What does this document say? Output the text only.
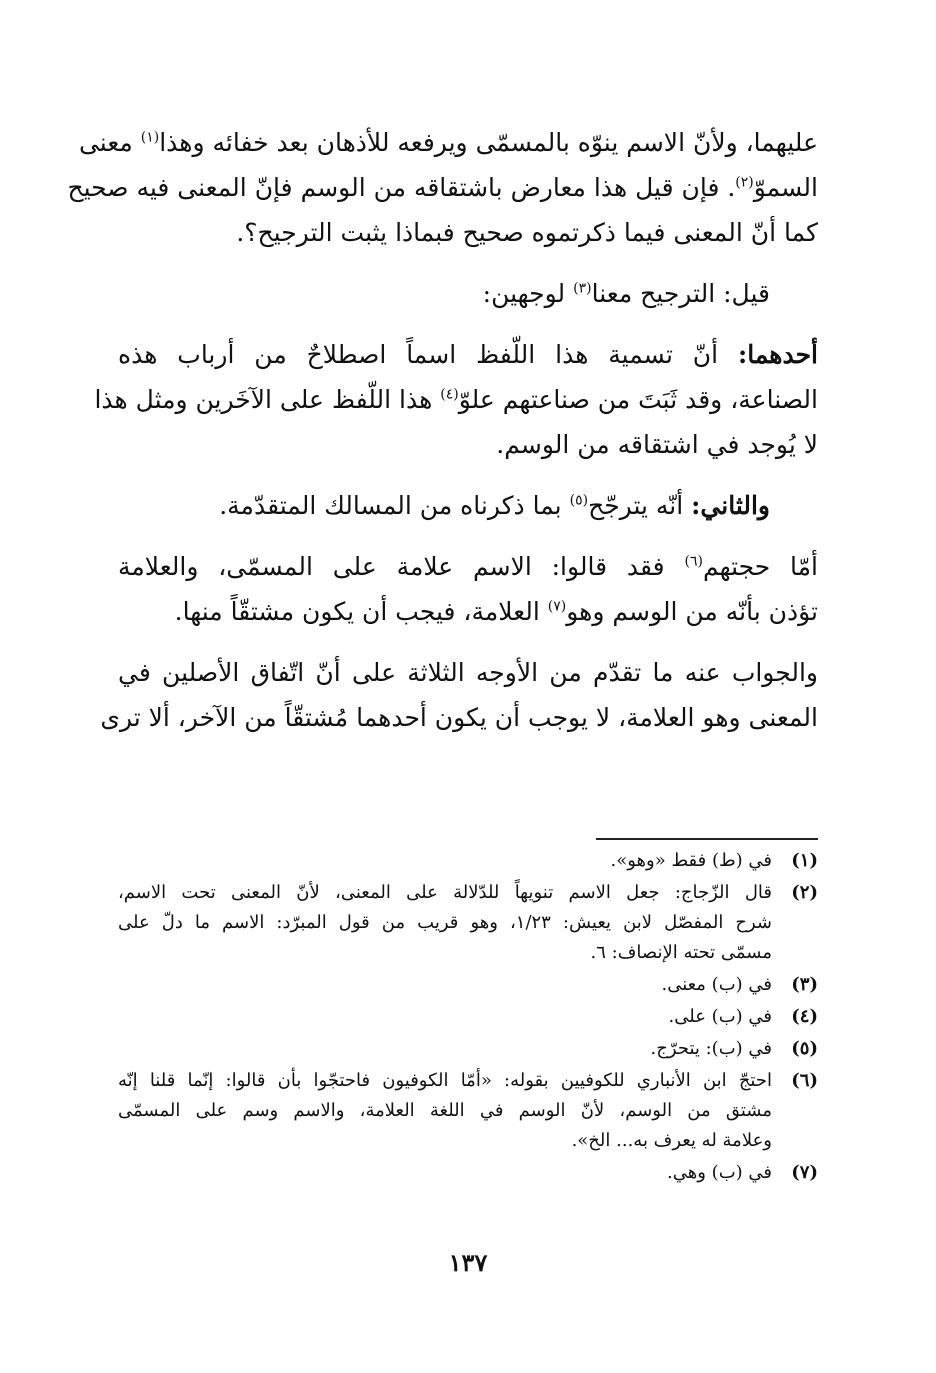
عليهما، ولأنّ الاسم ينوّه بالمسمّى ويرفعه للأذهان بعد خفائه وهذا$^{(١)}$ معنى
السموّ$^{(٢)}$. فإن قيل هذا معارض باشتقاقه من الوسم فإنّ المعنى فيه صحيح
كما أنّ المعنى فيما ذكرتموه صحيح فبماذا يثبت الترجيح؟.

قيل: الترجيح معنا$^{(٣)}$ لوجهين:

أحدهما: أنّ تسمية هذا اللّفظ اسماً اصطلاحٌ من أرباب هذه
الصناعة، وقد ثَبَتَ من صناعتهم علوّ$^{(٤)}$ هذا اللّفظ على الآخَرين ومثل هذا
لا يُوجد في اشتقاقه من الوسم.

والثاني: أنّه يترجّح$^{(٥)}$ بما ذكرناه من المسالك المتقدّمة.

أمّا حجتهم$^{(٦)}$ فقد قالوا: الاسم علامة على المسمّى، والعلامة
تؤذن بأنّه من الوسم وهو$^{(٧)}$ العلامة، فيجب أن يكون مشتقّاً منها.

والجواب عنه ما تقدّم من الأوجه الثلاثة على أنّ اتّفاق الأصلين في
المعنى وهو العلامة، لا يوجب أن يكون أحدهما مُشتقّاً من الآخر، ألا ترى

(١)
في (ط) فقط «وهو».
(٢)
قال الزّجاج: جعل الاسم تنويهاً للدّلالة على المعنى، لأنّ المعنى تحت الاسم،
شرح المفصّل لابن يعيش: ١/٢٣، وهو قريب من قول المبرّد: الاسم ما دلّ على
مسمّى تحته الإنصاف: ٦.
(٣)
في (ب) معنى.
(٤)
في (ب) على.
(٥)
في (ب): يتحرّج.
(٦)
احتجّ ابن الأنباري للكوفيين بقوله: «أمّا الكوفيون فاحتجّوا بأن قالوا: إنّما قلنا إنّه
مشتق من الوسم، لأنّ الوسم في اللغة العلامة، والاسم وسم على المسمّى
وعلامة له يعرف به... الخ».
(٧)
في (ب) وهي.
١٣٧
